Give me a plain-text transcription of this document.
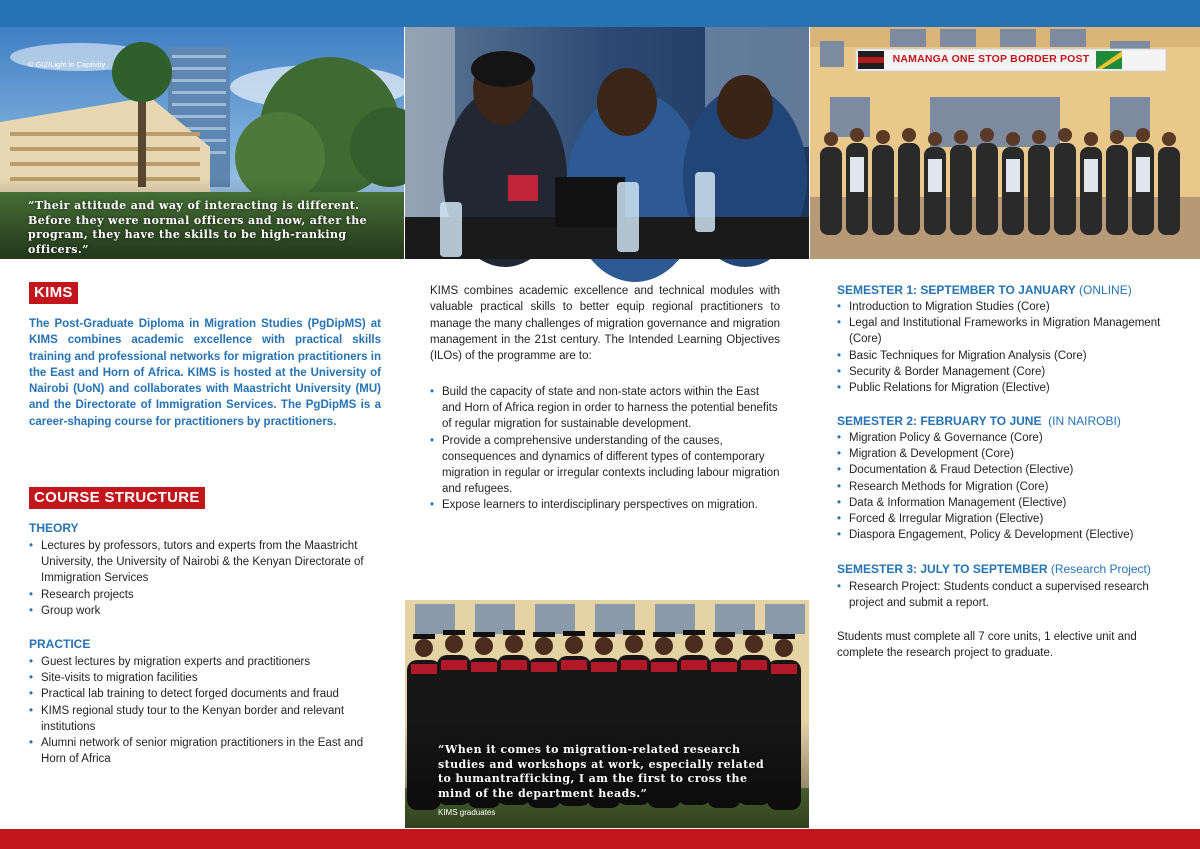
© GIZ/Light in Captivity
“Their attitude and way of interacting is different.
Before they were normal officers and now, after the
program, they have the skills to be high-ranking
officers.”
Somalia Immigration and Naturalisation Directorate
NAMANGA ONE STOP BORDER POST
“When it comes to migration-related research
studies and workshops at work, especially related
to humantrafficking, I am the first to cross the
mind of the department heads.”
KIMS graduates
KIMS
The Post-Graduate Diploma in Migration Studies (PgDipMS) at KIMS combines academic excellence with practical skills training and professional networks for migration practitioners in the East and Horn of Africa. KIMS is hosted at the University of Nairobi (UoN) and collaborates with Maastricht University (MU) and the Directorate of Immigration Services. The PgDipMS is a career-shaping course for practitioners by practitioners.
COURSE STRUCTURE
THEORY
• Lectures by professors, tutors and experts from the Maastricht University, the University of Nairobi & the Kenyan Directorate of Immigration Services
• Research projects
• Group work
PRACTICE
• Guest lectures by migration experts and practitioners
• Site-visits to migration facilities
• Practical lab training to detect forged documents and fraud
• KIMS regional study tour to the Kenyan border and relevant institutions
• Alumni network of senior migration practitioners in the East and Horn of Africa
KIMS combines academic excellence and technical modules with valuable practical skills to better equip regional practitioners to manage the many challenges of migration governance and migration management in the 21st century. The Intended Learning Objectives (ILOs) of the programme are to:
• Build the capacity of state and non-state actors within the East and Horn of Africa region in order to harness the potential benefits of regular migration for sustainable development.
• Provide a comprehensive understanding of the causes, consequences and dynamics of different types of contemporary migration in regular or irregular contexts including labour migration and refugees.
• Expose learners to interdisciplinary perspectives on migration.
SEMESTER 1: SEPTEMBER TO JANUARY (ONLINE)
• Introduction to Migration Studies (Core)
• Legal and Institutional Frameworks in Migration Management (Core)
• Basic Techniques for Migration Analysis (Core)
• Security & Border Management (Core)
• Public Relations for Migration (Elective)
SEMESTER 2: FEBRUARY TO JUNE  (IN NAIROBI)
• Migration Policy & Governance (Core)
• Migration & Development (Core)
• Documentation & Fraud Detection (Elective)
• Research Methods for Migration (Core)
• Data & Information Management (Elective)
• Forced & Irregular Migration (Elective)
• Diaspora Engagement, Policy & Development (Elective)
SEMESTER 3: JULY TO SEPTEMBER (Research Project)
• Research Project: Students conduct a supervised research project and submit a report.
Students must complete all 7 core units, 1 elective unit and complete the research project to graduate.
